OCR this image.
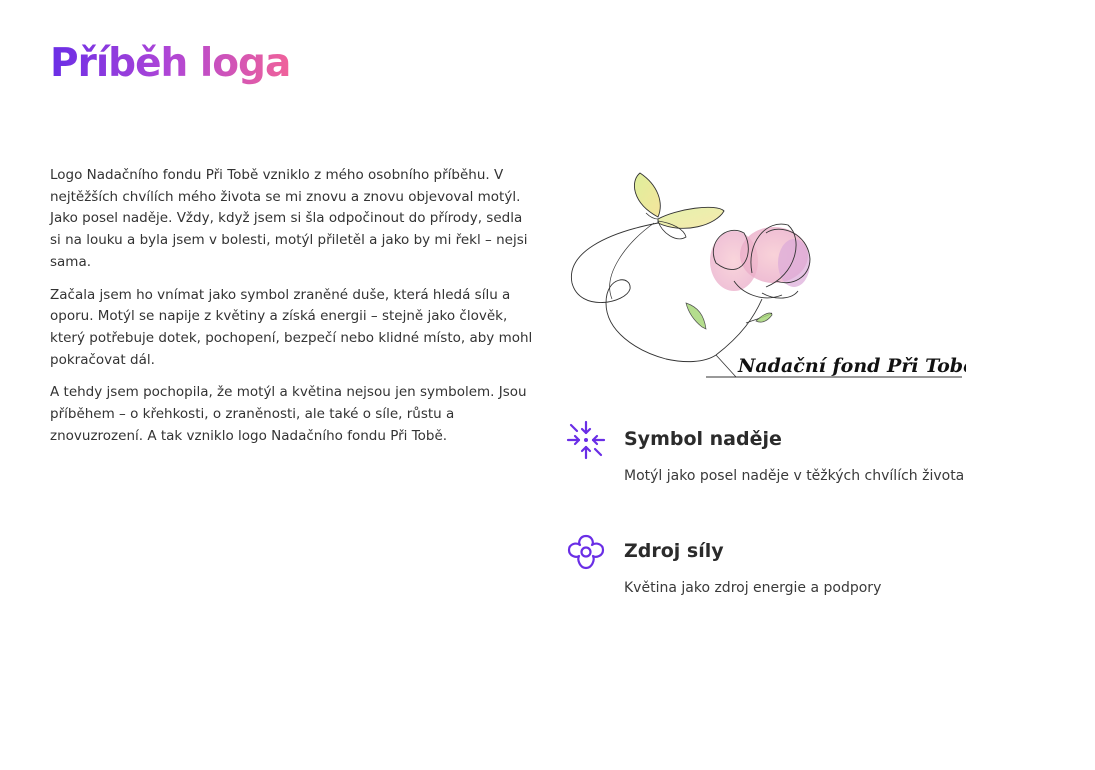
Příběh loga

Logo Nadačního fondu Při Tobě vzniklo z mého osobního příběhu. V nejtěžších chvílích mého života se mi znovu a znovu objevoval motýl. Jako posel naděje. Vždy, když jsem si šla odpočinout do přírody, sedla si na louku a byla jsem v bolesti, motýl přiletěl a jako by mi řekl – nejsi sama.

Začala jsem ho vnímat jako symbol zraněné duše, která hledá sílu a oporu. Motýl se napije z květiny a získá energii – stejně jako člověk, který potřebuje dotek, pochopení, bezpečí nebo klidné místo, aby mohl pokračovat dál.

A tehdy jsem pochopila, že motýl a květina nejsou jen symbolem. Jsou příběhem – o křehkosti, o zraněnosti, ale také o síle, růstu a znovuzrození. A tak vzniklo logo Nadačního fondu Při Tobě.

Nadační fond Při Tobě
Symbol naděje

Motýl jako posel naděje v těžkých chvílích života

Zdroj síly

Květina jako zdroj energie a podpory
